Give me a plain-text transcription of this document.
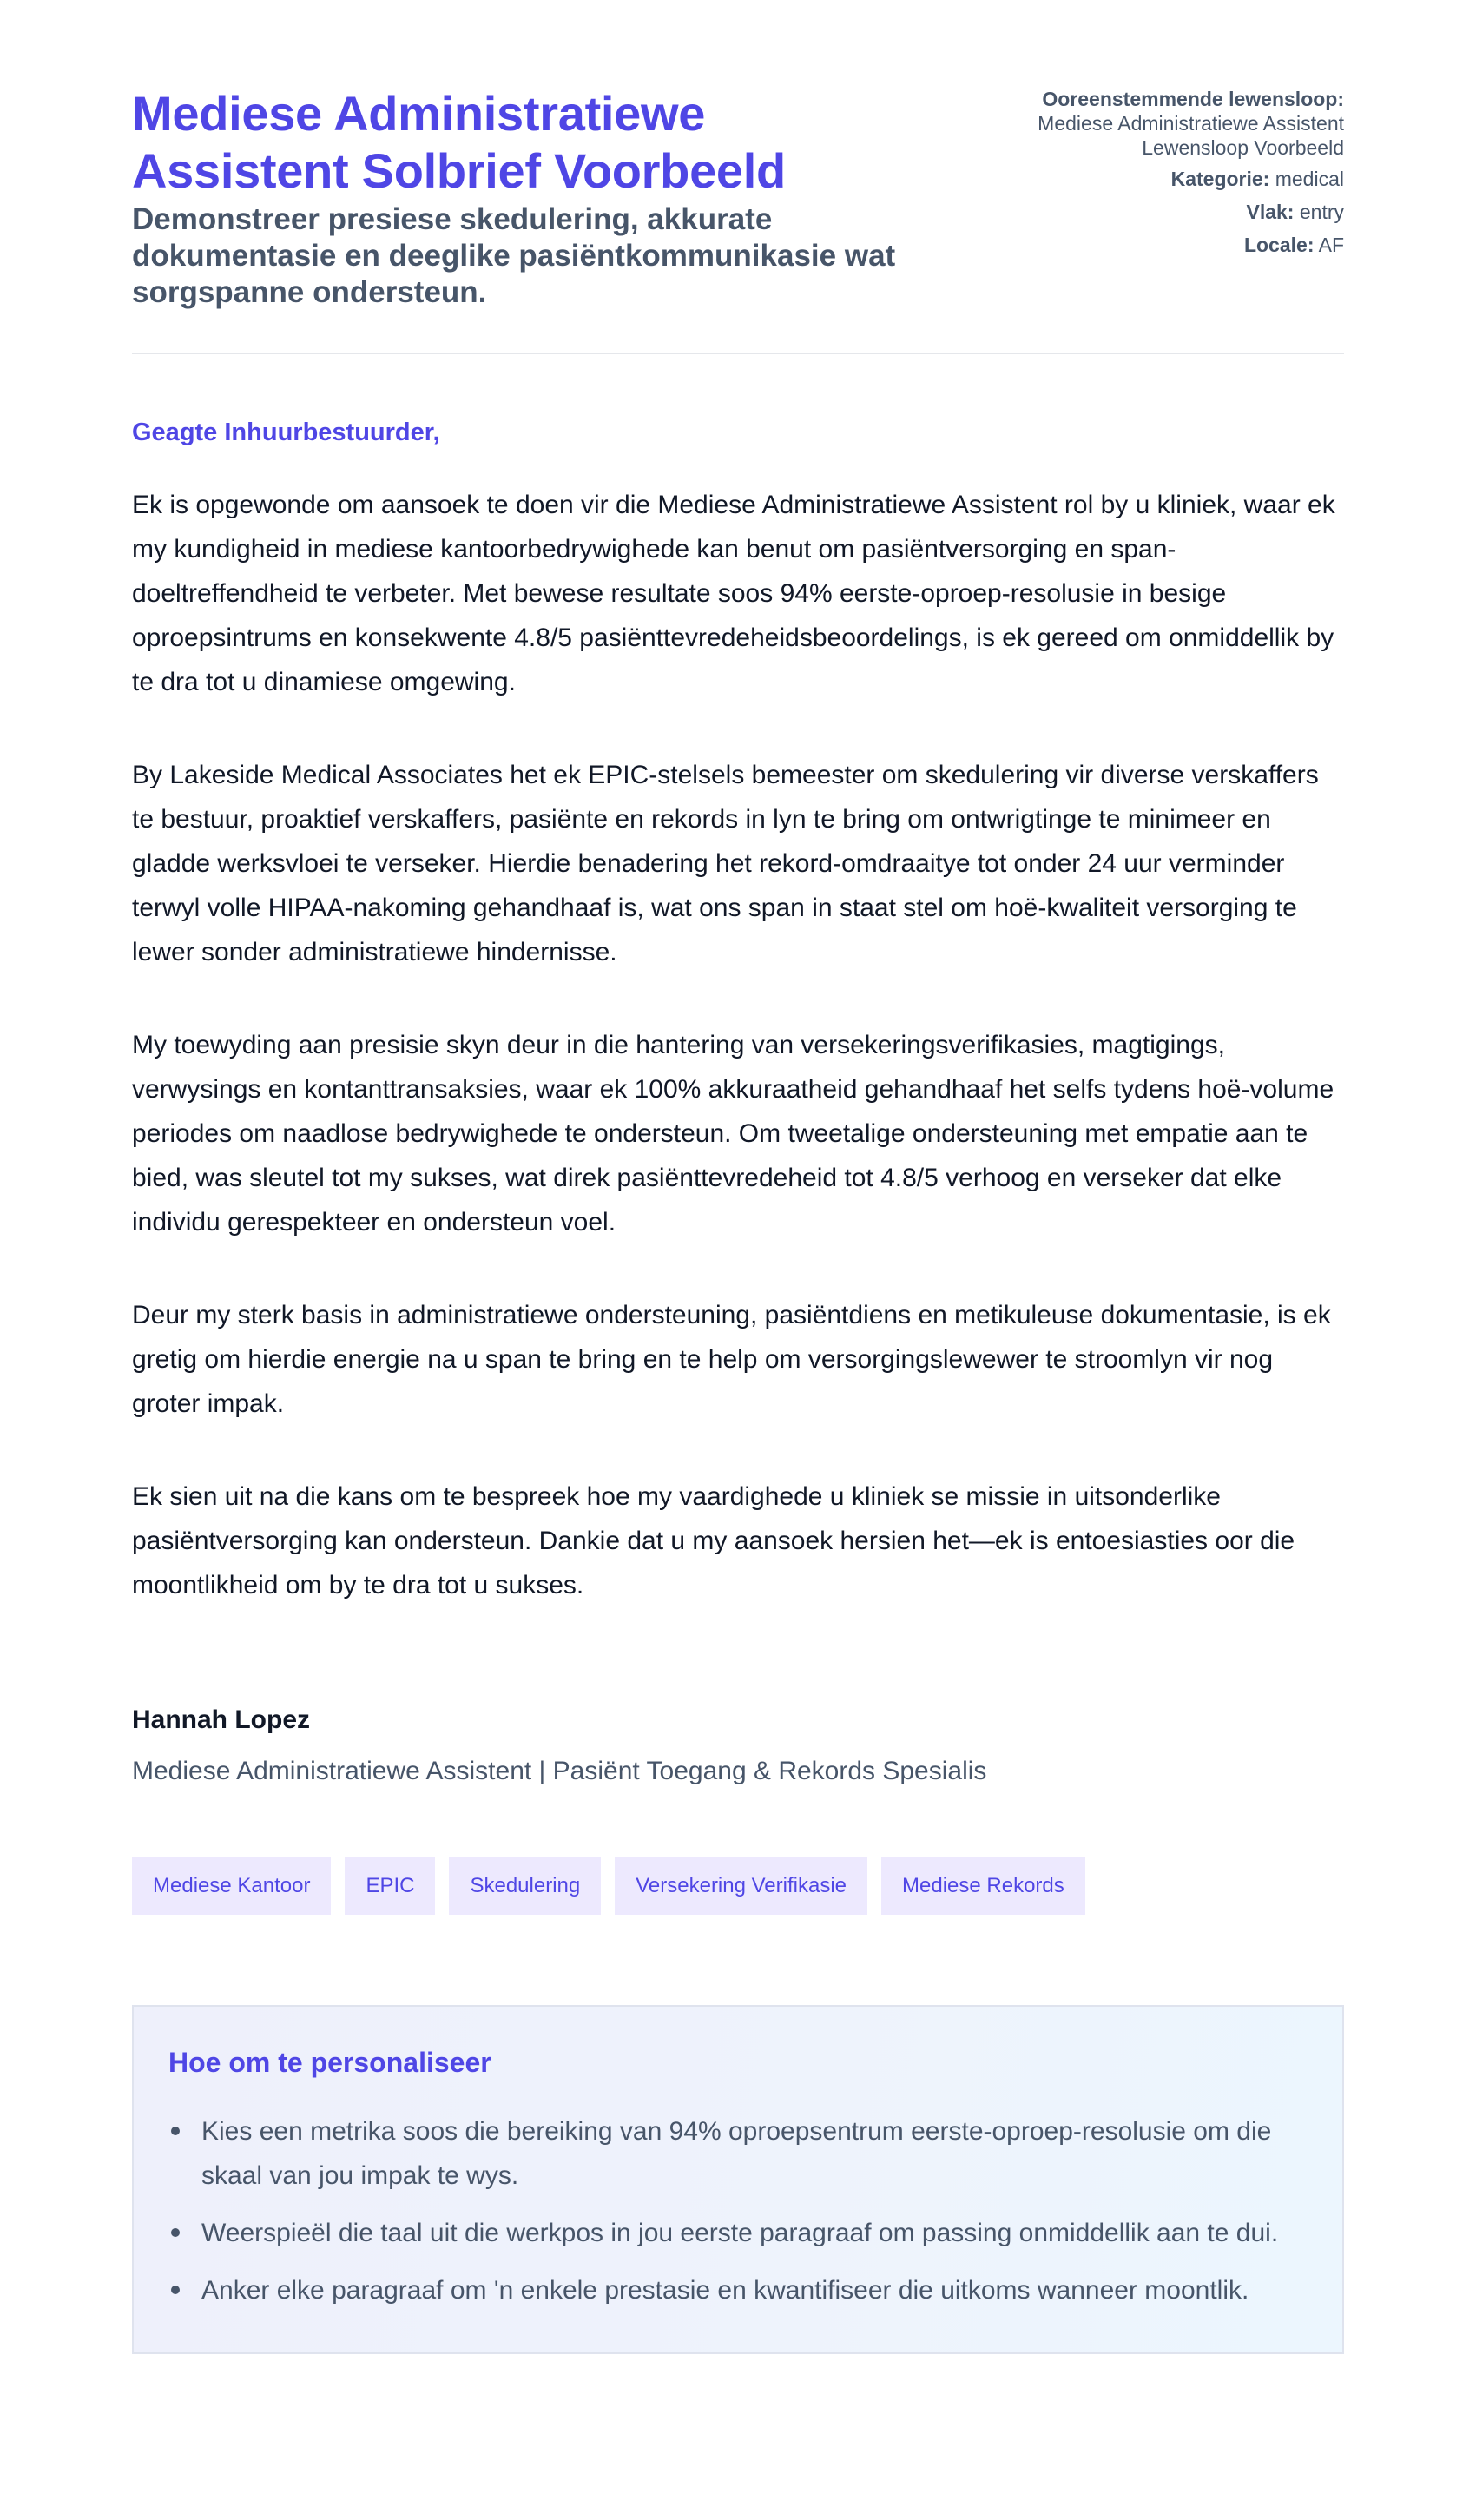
Mediese Administratiewe Assistent Solbrief Voorbeeld
Demonstreer presiese skedulering, akkurate dokumentasie en deeglike pasiëntkommunikasie wat sorgspanne ondersteun.
Ooreenstemmende lewensloop:
Mediese Administratiewe Assistent Lewensloop Voorbeeld
Kategorie: medical
Vlak: entry
Locale: AF
Geagte Inhuurbestuurder,

Ek is opgewonde om aansoek te doen vir die Mediese Administratiewe Assistent rol by u kliniek, waar ek my kundigheid in mediese kantoorbedrywighede kan benut om pasiëntversorging en span-doeltreffendheid te verbeter. Met bewese resultate soos 94% eerste-oproep-resolusie in besige oproepsintrums en konsekwente 4.8/5 pasiënttevredeheidsbeoordelings, is ek gereed om onmiddellik by te dra tot u dinamiese omgewing.

By Lakeside Medical Associates het ek EPIC-stelsels bemeester om skedulering vir diverse verskaffers te bestuur, proaktief verskaffers, pasiënte en rekords in lyn te bring om ontwrigtinge te minimeer en gladde werksvloei te verseker. Hierdie benadering het rekord-omdraaitye tot onder 24 uur verminder terwyl volle HIPAA-nakoming gehandhaaf is, wat ons span in staat stel om hoë-kwaliteit versorging te lewer sonder administratiewe hindernisse.

My toewyding aan presisie skyn deur in die hantering van versekeringsverifikasies, magtigings, verwysings en kontanttransaksies, waar ek 100% akkuraatheid gehandhaaf het selfs tydens hoë-volume periodes om naadlose bedrywighede te ondersteun. Om tweetalige ondersteuning met empatie aan te bied, was sleutel tot my sukses, wat direk pasiënttevredeheid tot 4.8/5 verhoog en verseker dat elke individu gerespekteer en ondersteun voel.

Deur my sterk basis in administratiewe ondersteuning, pasiëntdiens en metikuleuse dokumentasie, is ek gretig om hierdie energie na u span te bring en te help om versorgingslewewer te stroomlyn vir nog groter impak.

Ek sien uit na die kans om te bespreek hoe my vaardighede u kliniek se missie in uitsonderlike pasiëntversorging kan ondersteun. Dankie dat u my aansoek hersien het—ek is entoesiasties oor die moontlikheid om by te dra tot u sukses.

Hannah Lopez
Mediese Administratiewe Assistent | Pasiënt Toegang & Rekords Spesialis
Mediese Kantoor	EPIC	Skedulering	Versekering Verifikasie	Mediese Rekords
Hoe om te personaliseer
Kies een metrika soos die bereiking van 94% oproepsentrum eerste-oproep-resolusie om die skaal van jou impak te wys.
Weerspieël die taal uit die werkpos in jou eerste paragraaf om passing onmiddellik aan te dui.
Anker elke paragraaf om 'n enkele prestasie en kwantifiseer die uitkoms wanneer moontlik.
